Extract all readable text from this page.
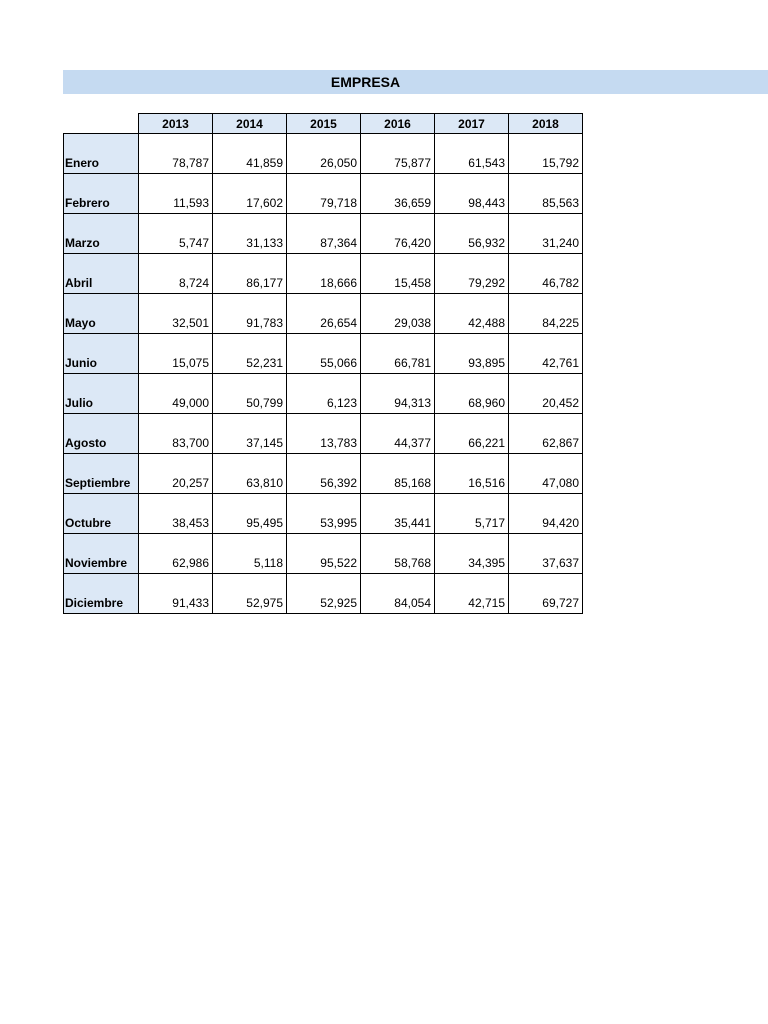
EMPRESA
	2013	2014	2015	2016	2017	2018
Enero	78,787	41,859	26,050	75,877	61,543	15,792
Febrero	11,593	17,602	79,718	36,659	98,443	85,563
Marzo	5,747	31,133	87,364	76,420	56,932	31,240
Abril	8,724	86,177	18,666	15,458	79,292	46,782
Mayo	32,501	91,783	26,654	29,038	42,488	84,225
Junio	15,075	52,231	55,066	66,781	93,895	42,761
Julio	49,000	50,799	6,123	94,313	68,960	20,452
Agosto	83,700	37,145	13,783	44,377	66,221	62,867
Septiembre	20,257	63,810	56,392	85,168	16,516	47,080
Octubre	38,453	95,495	53,995	35,441	5,717	94,420
Noviembre	62,986	5,118	95,522	58,768	34,395	37,637
Diciembre	91,433	52,975	52,925	84,054	42,715	69,727
